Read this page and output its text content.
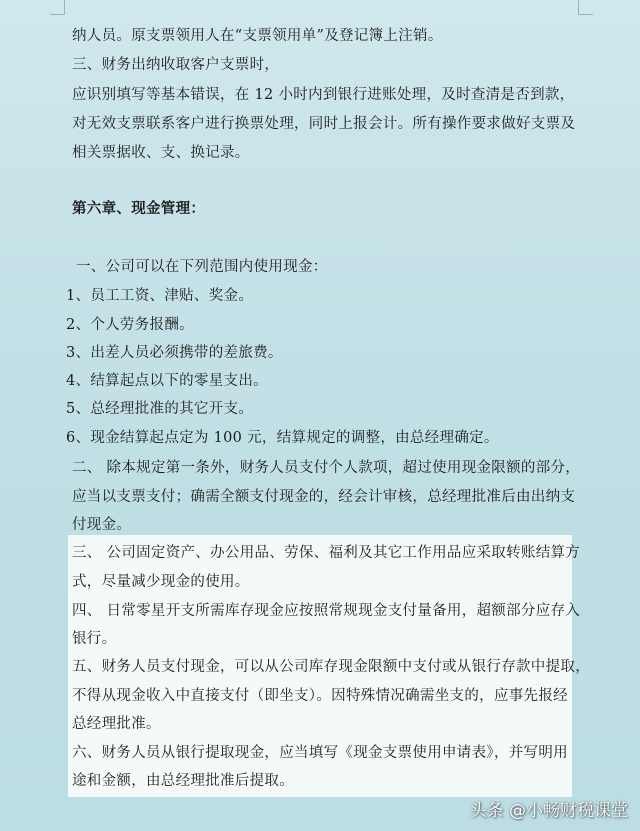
纳人员。原支票领用人在“支票领用单”及登记簿上注销。
三、财务出纳收取客户支票时，
应识别填写等基本错误，在 12 小时内到银行进账处理，及时查清是否到款，
对无效支票联系客户进行换票处理，同时上报会计。所有操作要求做好支票及
相关票据收、支、换记录。
第六章、现金管理：
一、公司可以在下列范围内使用现金：
1、员工工资、津贴、奖金。
2、个人劳务报酬。
3、出差人员必须携带的差旅费。
4、结算起点以下的零星支出。
5、总经理批准的其它开支。
6、现金结算起点定为 100 元，结算规定的调整，由总经理确定。
二、 除本规定第一条外，财务人员支付个人款项，超过使用现金限额的部分，
应当以支票支付；确需全额支付现金的，经会计审核，总经理批准后由出纳支
付现金。
三、 公司固定资产、办公用品、劳保、福利及其它工作用品应采取转账结算方
式，尽量减少现金的使用。
四、 日常零星开支所需库存现金应按照常规现金支付量备用，超额部分应存入
银行。
五、财务人员支付现金，可以从公司库存现金限额中支付或从银行存款中提取，
不得从现金收入中直接支付（即坐支）。因特殊情况确需坐支的，应事先报经
总经理批准。
六、财务人员从银行提取现金，应当填写《现金支票使用申请表》，并写明用
途和金额，由总经理批准后提取。
头条 @小畅财税课堂
